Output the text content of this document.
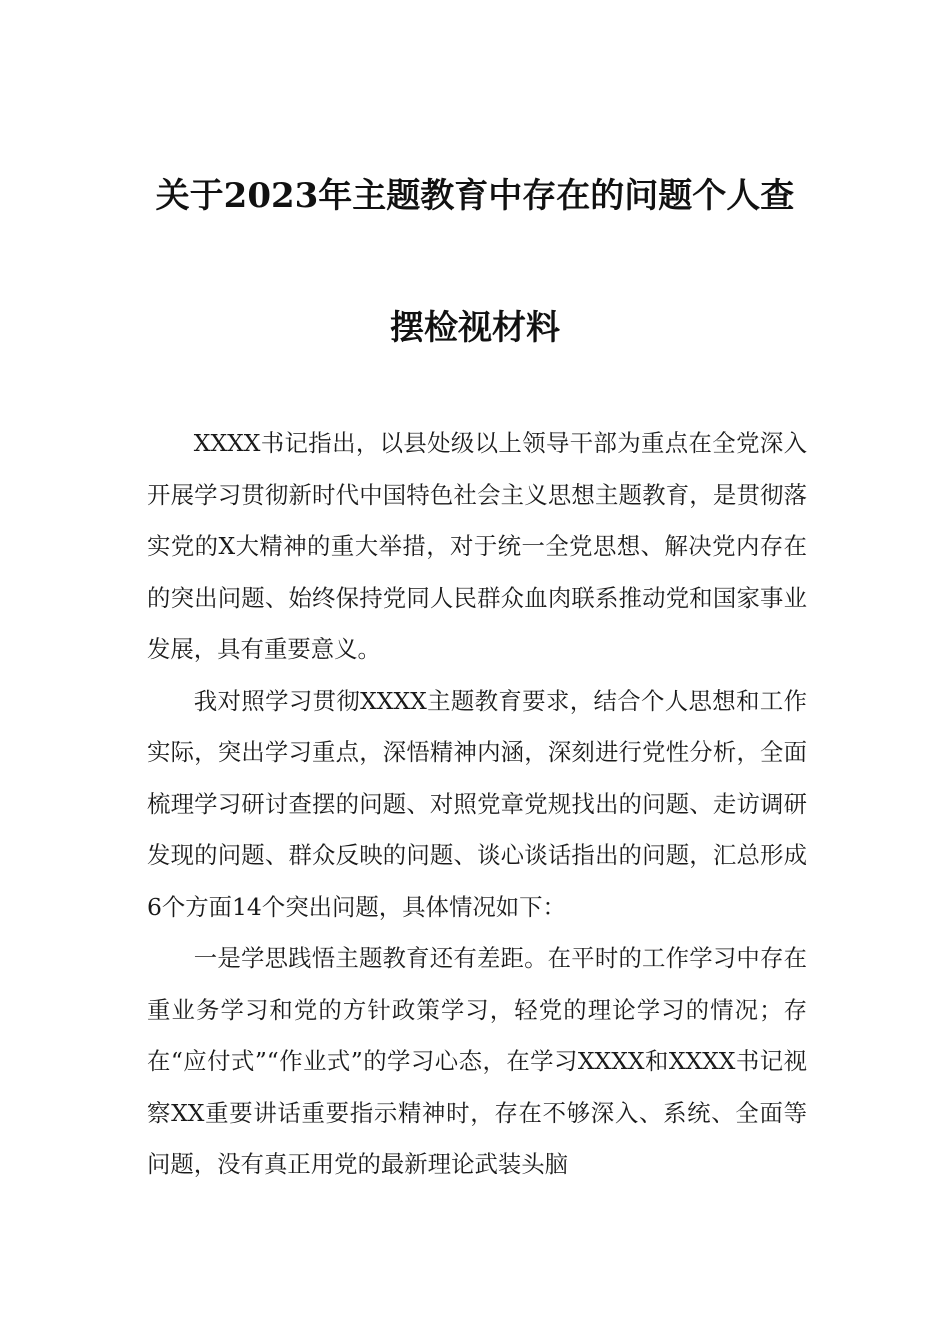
关于2023年主题教育中存在的问题个人查
摆检视材料

XXXX书记指出，以县处级以上领导干部为重点在全党深入开展学习贯彻新时代中国特色社会主义思想主题教育，是贯彻落实党的X大精神的重大举措，对于统一全党思想、解决党内存在的突出问题、始终保持党同人民群众血肉联系推动党和国家事业发展，具有重要意义。

我对照学习贯彻XXXX主题教育要求，结合个人思想和工作实际，突出学习重点，深悟精神内涵，深刻进行党性分析，全面梳理学习研讨查摆的问题、对照党章党规找出的问题、走访调研发现的问题、群众反映的问题、谈心谈话指出的问题，汇总形成6个方面14个突出问题，具体情况如下：

一是学思践悟主题教育还有差距。在平时的工作学习中存在重业务学习和党的方针政策学习，轻党的理论学习的情况；存在“应付式”“作业式”的学习心态，在学习XXXX和XXXX书记视察XX重要讲话重要指示精神时，存在不够深入、系统、全面等问题，没有真正用党的最新理论武装头脑
